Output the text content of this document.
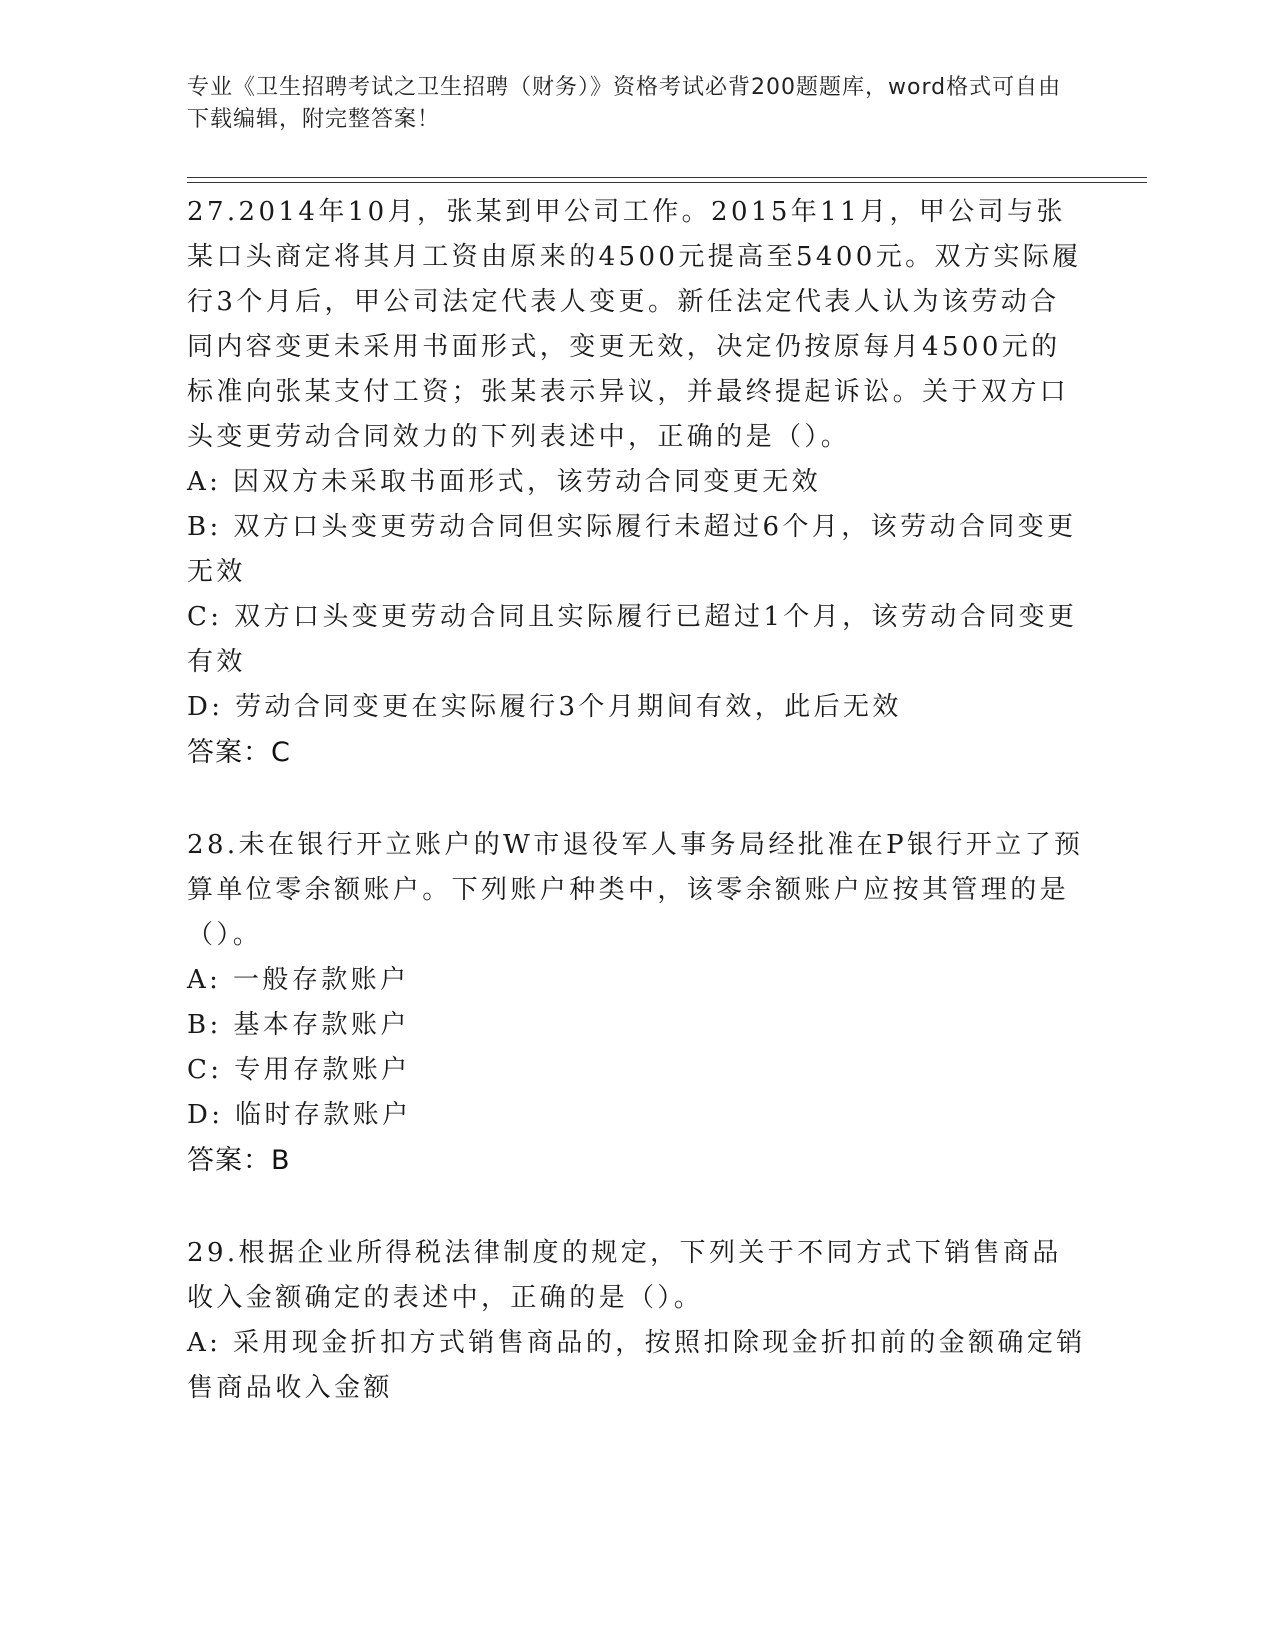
专业《卫生招聘考试之卫生招聘（财务）》资格考试必背200题题库，word格式可自由下载编辑，附完整答案！

27.2014年10月，张某到甲公司工作。2015年11月，甲公司与张某口头商定将其月工资由原来的4500元提高至5400元。双方实际履行3个月后，甲公司法定代表人变更。新任法定代表人认为该劳动合同内容变更未采用书面形式，变更无效，决定仍按原每月4500元的标准向张某支付工资；张某表示异议，并最终提起诉讼。关于双方口头变更劳动合同效力的下列表述中，正确的是（）。

A: 因双方未采取书面形式，该劳动合同变更无效

B: 双方口头变更劳动合同但实际履行未超过6个月，该劳动合同变更无效

C: 双方口头变更劳动合同且实际履行已超过1个月，该劳动合同变更有效

D: 劳动合同变更在实际履行3个月期间有效，此后无效

答案：C

28.未在银行开立账户的W市退役军人事务局经批准在P银行开立了预算单位零余额账户。下列账户种类中，该零余额账户应按其管理的是（）。

A: 一般存款账户

B: 基本存款账户

C: 专用存款账户

D: 临时存款账户

答案：B

29.根据企业所得税法律制度的规定，下列关于不同方式下销售商品收入金额确定的表述中，正确的是（）。

A: 采用现金折扣方式销售商品的，按照扣除现金折扣前的金额确定销售商品收入金额
